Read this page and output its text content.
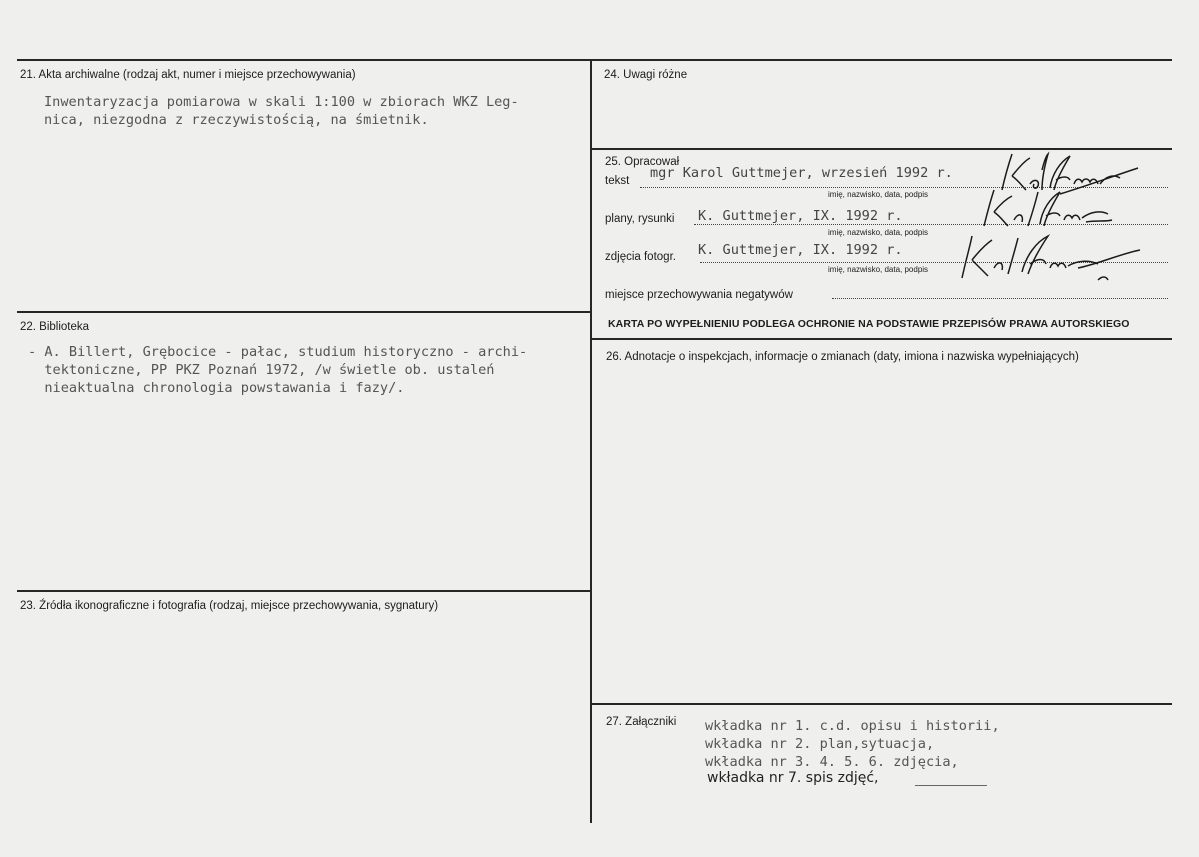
21. Akta archiwalne (rodzaj akt, numer i miejsce przechowywania)
Inwentaryzacja pomiarowa w skali 1:100 w zbiorach WKZ Leg-
nica, niezgodna z rzeczywistością, na śmietnik.
22. Biblioteka
- A. Billert, Grębocice - pałac, studium historyczno - archi-
tektoniczne, PP PKZ Poznań 1972, /w świetle ob. ustaleń
nieaktualna chronologia powstawania i fazy/.
23. Źródła ikonograficzne i fotografia (rodzaj, miejsce przechowywania, sygnatury)
24. Uwagi różne
25. Opracował
tekst mgr Karol Guttmejer, wrzesień 1992 r.
imię, nazwisko, data, podpis
plany, rysunki K. Guttmejer, IX. 1992 r.
imię, nazwisko, data, podpis
zdjęcia fotogr. K. Guttmejer, IX. 1992 r.
imię, nazwisko, data, podpis
miejsce przechowywania negatywów
KARTA PO WYPEŁNIENIU PODLEGA OCHRONIE NA PODSTAWIE PRZEPISÓW PRAWA AUTORSKIEGO
26. Adnotacje o inspekcjach, informacje o zmianach (daty, imiona i nazwiska wypełniających)
27. Załączniki wkładka nr 1. c.d. opisu i historii,
wkładka nr 2. plan,sytuacja,
wkładka nr 3. 4. 5. 6. zdjęcia,
wkładka nr 7. spis zdjęć,
